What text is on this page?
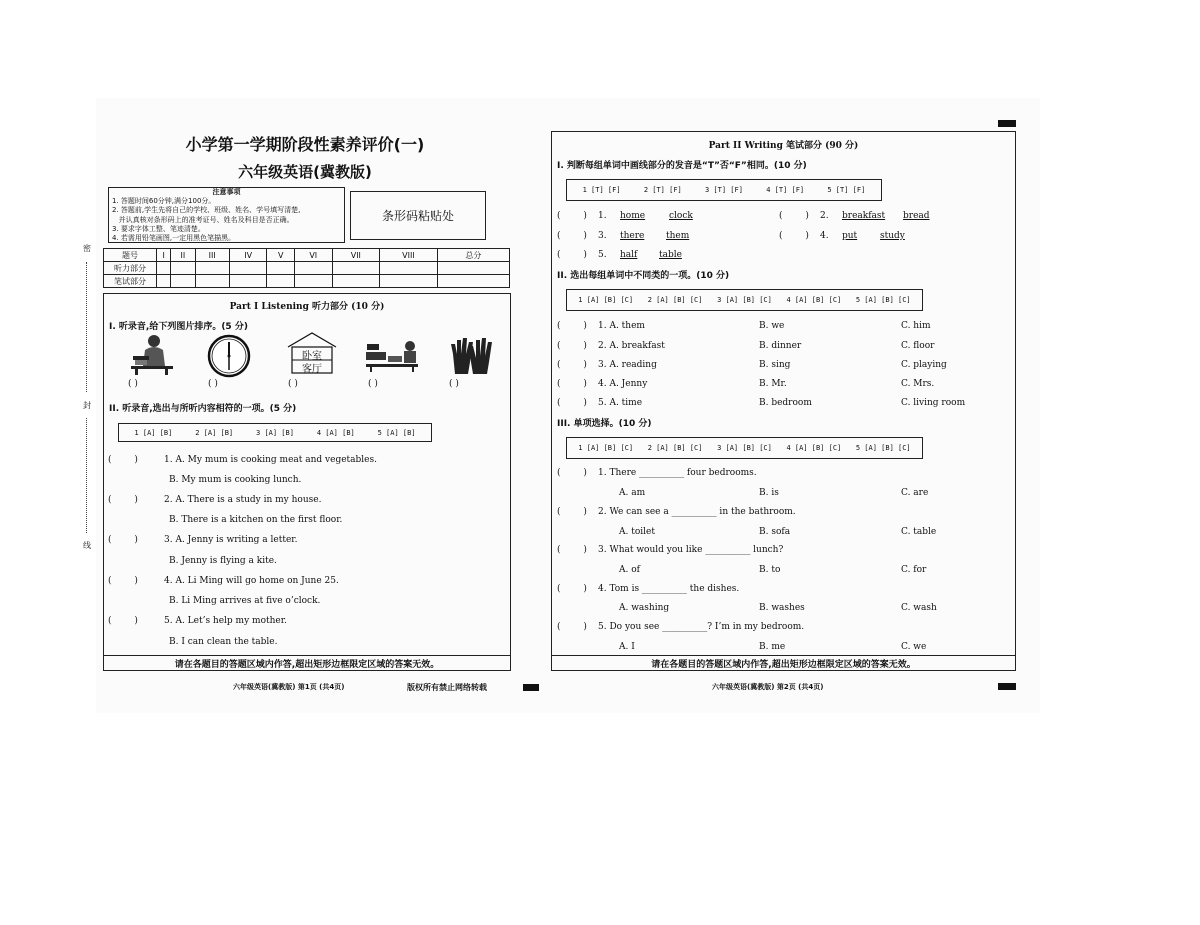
小学第一学期阶段性素养评价(一)
六年级英语(冀教版)
注意事项
1. 答题时间60分钟,满分100分。
2. 答题前,学生先将自己的学校、班级、姓名、学号填写清楚,
并认真核对条形码上的准考证号、姓名及科目是否正确。
3. 要求字体工整、笔迹清楚。
4. 若需用铅笔画图,一定用黑色笔描黑。
条形码粘贴处
密
封
线
题号	I	II	III	IV	V	VI	VII	VIII	总分
听力部分									
笔试部分									
Part I Listening 听力部分 (10 分)
I. 听录音,给下列图片排序。(5 分)
卧室
客厅
( )	( )	( )	( )	( )
II. 听录音,选出与所听内容相符的一项。(5 分)
1 [A] [B]	2 [A] [B]	3 [A] [B]	4 [A] [B]	5 [A] [B]
(        )	1. A. My mum is cooking meat and vegetables.
B. My mum is cooking lunch.
(        )	2. A. There is a study in my house.
B. There is a kitchen on the first floor.
(        )	3. A. Jenny is writing a letter.
B. Jenny is flying a kite.
(        )	4. A. Li Ming will go home on June 25.
B. Li Ming arrives at five o’clock.
(        )	5. A. Let’s help my mother.
B. I can clean the table.
请在各题目的答题区域内作答,超出矩形边框限定区域的答案无效。
六年级英语(冀教版) 第1页 (共4页)	版权所有禁止网络转载
Part II Writing 笔试部分 (90 分)
I. 判断每组单词中画线部分的发音是“T”否“F”相同。(10 分)
1 [T] [F]	2 [T] [F]	3 [T] [F]	4 [T] [F]	5 [T] [F]
(        ) 1. home	clock	(        ) 2. breakfast bread
(        ) 3. there them	(        ) 4. put	study
(        ) 5. half table
II. 选出每组单词中不同类的一项。(10 分)
1 [A] [B] [C] 2 [A] [B] [C] 3 [A] [B] [C] 4 [A] [B] [C] 5 [A] [B] [C]
(        ) 1. A. them	B. we	C. him
(        ) 2. A. breakfast	B. dinner	C. floor
(        ) 3. A. reading	B. sing	C. playing
(        ) 4. A. Jenny	B. Mr.	C. Mrs.
(        ) 5. A. time	B. bedroom	C. living room
III. 单项选择。(10 分)
1 [A] [B] [C] 2 [A] [B] [C] 3 [A] [B] [C] 4 [A] [B] [C] 5 [A] [B] [C]
(        ) 1. There __________ four bedrooms.
A. am	B. is	C. are
(        ) 2. We can see a __________ in the bathroom.
A. toilet	B. sofa	C. table
(        ) 3. What would you like __________ lunch?
A. of	B. to	C. for
(        ) 4. Tom is __________ the dishes.
A. washing	B. washes	C. wash
(        ) 5. Do you see __________? I’m in my bedroom.
A. I	B. me	C. we
请在各题目的答题区域内作答,超出矩形边框限定区域的答案无效。
六年级英语(冀教版) 第2页 (共4页)
